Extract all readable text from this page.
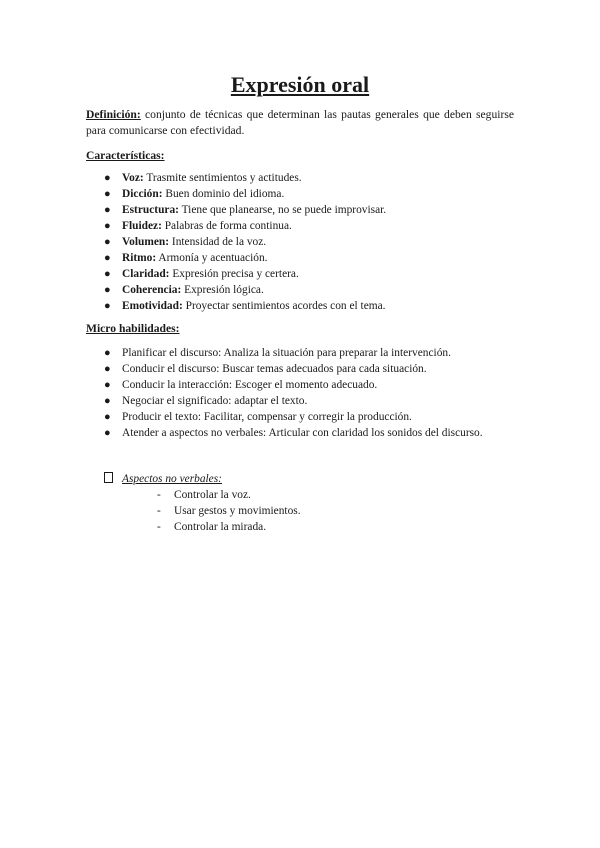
Expresión oral

Definición: conjunto de técnicas que determinan las pautas generales que deben seguirse para comunicarse con efectividad.

Características:

● Voz: Trasmite sentimientos y actitudes.
● Dicción: Buen dominio del idioma.
● Estructura: Tiene que planearse, no se puede improvisar.
● Fluidez: Palabras de forma continua.
● Volumen: Intensidad de la voz.
● Ritmo: Armonía y acentuación.
● Claridad: Expresión precisa y certera.
● Coherencia: Expresión lógica.
● Emotividad: Proyectar sentimientos acordes con el tema.

Micro habilidades:

● Planificar el discurso: Analiza la situación para preparar la intervención.
● Conducir el discurso: Buscar temas adecuados para cada situación.
● Conducir la interacción: Escoger el momento adecuado.
● Negociar el significado: adaptar el texto.
● Producir el texto: Facilitar, compensar y corregir la producción.
● Atender a aspectos no verbales: Articular con claridad los sonidos del discurso.

Aspectos no verbales:

- Controlar la voz.
- Usar gestos y movimientos.
- Controlar la mirada.
